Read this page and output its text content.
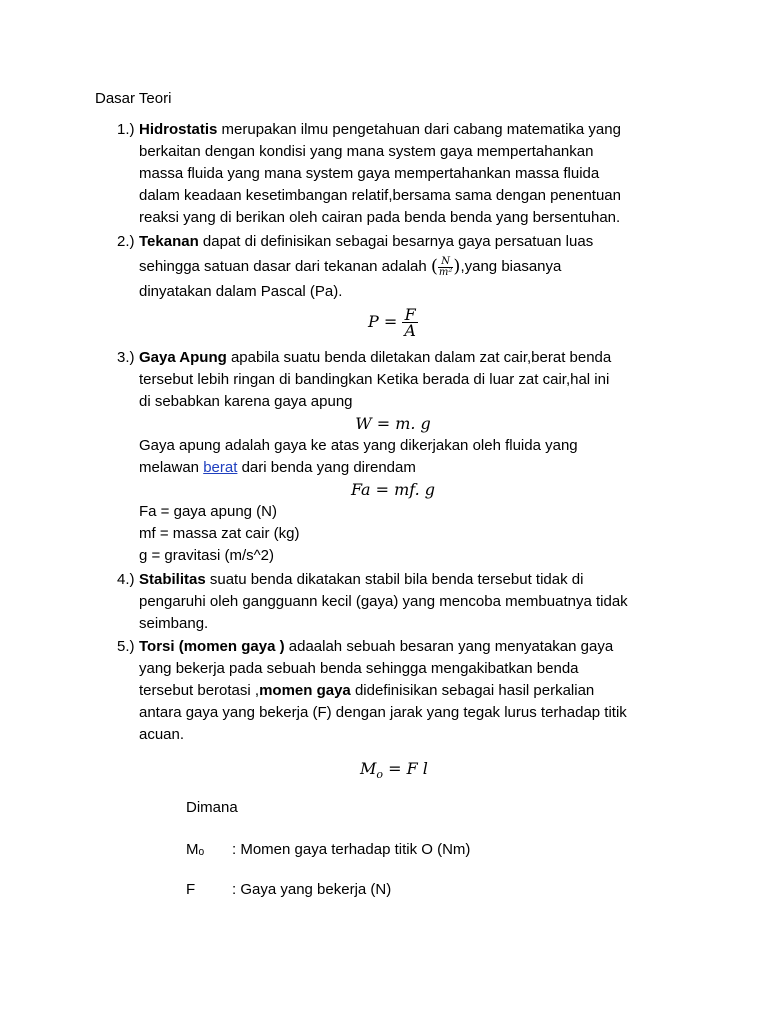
Dasar Teori
1.) Hidrostatis merupakan ilmu pengetahuan dari cabang matematika yang
berkaitan dengan kondisi yang mana system gaya mempertahankan
massa fluida yang mana system gaya mempertahankan massa fluida
dalam keadaan kesetimbangan relatif,bersama sama dengan penentuan
reaksi yang di berikan oleh cairan pada benda benda yang bersentuhan.
2.) Tekanan dapat di definisikan sebagai besarnya gaya persatuan luas
sehingga satuan dasar dari tekanan adalah ( $\frac{N}{\text{m²}}$ ),yang biasanya
dinyatakan dalam Pascal (Pa).
$P = \frac{F}{A}$
3.) Gaya Apung apabila suatu benda diletakan dalam zat cair,berat benda
tersebut lebih ringan di bandingkan Ketika berada di luar zat cair,hal ini
di sebabkan karena gaya apung
W = m. g
Gaya apung adalah gaya ke atas yang dikerjakan oleh fluida yang
melawan berat dari benda yang direndam
Fa = mf. g
Fa = gaya apung (N)
mf = massa zat cair (kg)
g = gravitasi (m/s^2)
4.) Stabilitas suatu benda dikatakan stabil bila benda tersebut tidak di
pengaruhi oleh gangguann kecil (gaya) yang mencoba membuatnya tidak
seimbang.
5.) Torsi (momen gaya ) adaalah sebuah besaran yang menyatakan gaya
yang bekerja pada sebuah benda sehingga mengakibatkan benda
tersebut berotasi ,momen gaya didefinisikan sebagai hasil perkalian
antara gaya yang bekerja (F) dengan jarak yang tegak lurus terhadap titik
acuan.
$M_o = F$ l
Dimana
Mₒ : Momen gaya terhadap titik O (Nm)
F : Gaya yang bekerja (N)
